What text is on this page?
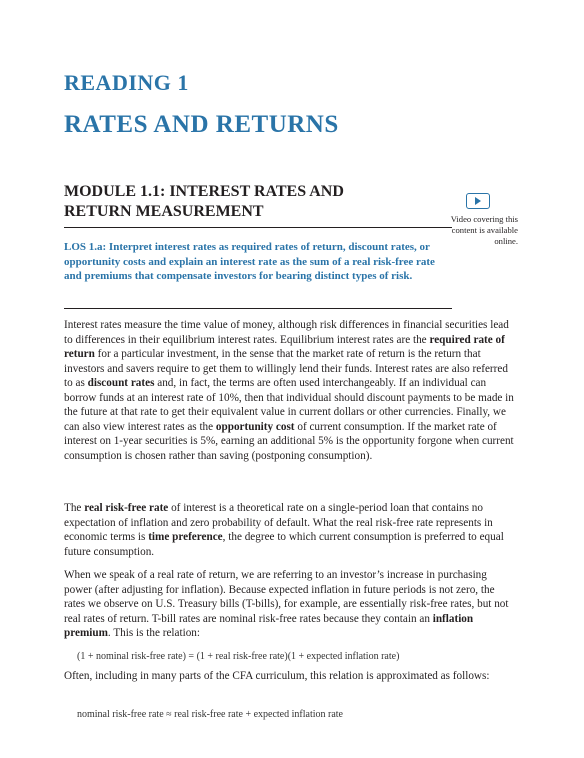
READING 1
RATES AND RETURNS
MODULE 1.1: INTEREST RATES AND RETURN MEASUREMENT	Video covering this content is available online.
LOS 1.a: Interpret interest rates as required rates of return, discount rates, or opportunity costs and explain an interest rate as the sum of a real risk-free rate and premiums that compensate investors for bearing distinct types of risk.

Interest rates measure the time value of money, although risk differences in financial securities lead to differences in their equilibrium interest rates. Equilibrium interest rates are the required rate of return for a particular investment, in the sense that the market rate of return is the return that investors and savers require to get them to willingly lend their funds. Interest rates are also referred to as discount rates and, in fact, the terms are often used interchangeably. If an individual can borrow funds at an interest rate of 10%, then that individual should discount payments to be made in the future at that rate to get their equivalent value in current dollars or other currencies. Finally, we can also view interest rates as the opportunity cost of current consumption. If the market rate of interest on 1-year securities is 5%, earning an additional 5% is the opportunity forgone when current consumption is chosen rather than saving (postponing consumption).

The real risk-free rate of interest is a theoretical rate on a single-period loan that contains no expectation of inflation and zero probability of default. What the real risk-free rate represents in economic terms is time preference, the degree to which current consumption is preferred to equal future consumption.

When we speak of a real rate of return, we are referring to an investor’s increase in purchasing power (after adjusting for inflation). Because expected inflation in future periods is not zero, the rates we observe on U.S. Treasury bills (T-bills), for example, are essentially risk-free rates, but not real rates of return. T-bill rates are nominal risk-free rates because they contain an inflation premium. This is the relation:

(1 + nominal risk-free rate) = (1 + real risk-free rate)(1 + expected inflation rate)

Often, including in many parts of the CFA curriculum, this relation is approximated as follows:

nominal risk-free rate ≈ real risk-free rate + expected inflation rate
